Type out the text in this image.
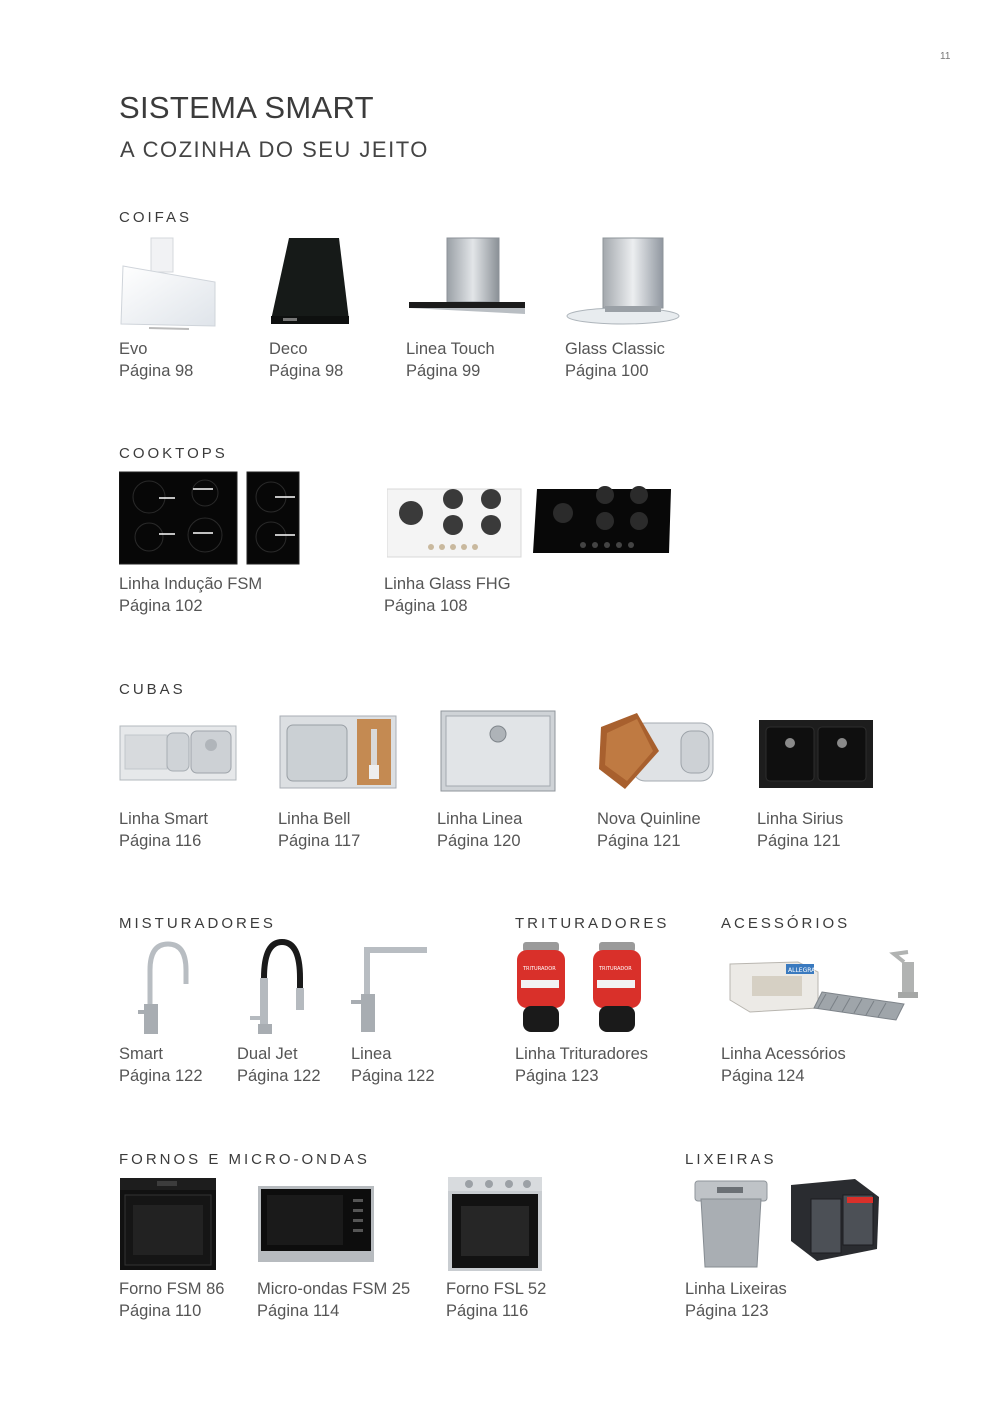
11
SISTEMA SMART
A COZINHA DO SEU JEITO
COIFAS
Evo
Página 98
Deco
Página 98
Linea Touch
Página 99
Glass Classic
Página 100
COOKTOPS
Linha Indução FSM
Página 102
Linha Glass FHG
Página 108
CUBAS
Linha Smart
Página 116
Linha Bell
Página 117
Linha Linea
Página 120
Nova Quinline
Página 121
Linha Sirius
Página 121
MISTURADORES	TRITURADORES	ACESSÓRIOS
TRITURADOR	TRITURADOR	ALLEGRA
Smart
Página 122
Dual Jet
Página 122
Linea
Página 122
Linha Trituradores
Página 123
Linha Acessórios
Página 124
FORNOS E MICRO-ONDAS	LIXEIRAS
Forno FSM 86
Página 110
Micro-ondas FSM 25
Página 114
Forno FSL 52
Página 116
Linha Lixeiras
Página 123
